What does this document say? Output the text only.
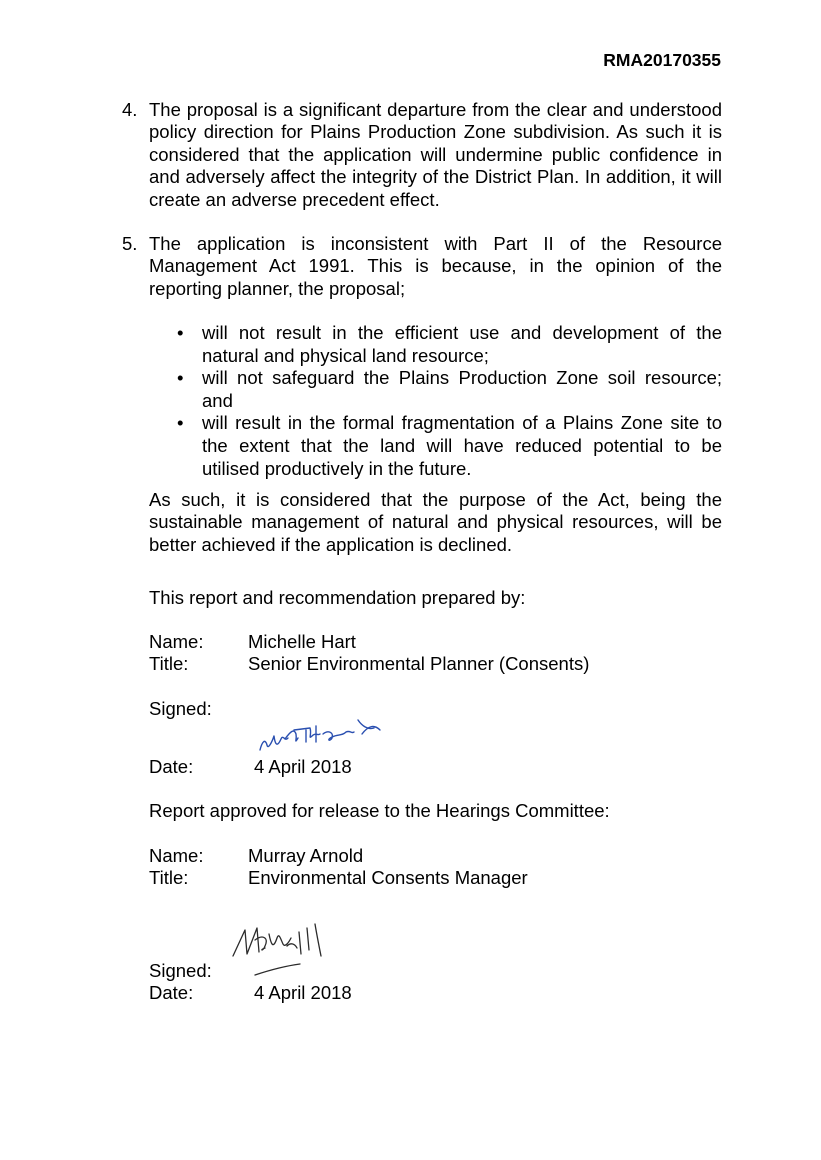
RMA20170355
4. The proposal is a significant departure from the clear and understood policy direction for Plains Production Zone subdivision. As such it is considered that the application will undermine public confidence in and adversely affect the integrity of the District Plan. In addition, it will create an adverse precedent effect.
5. The application is inconsistent with Part II of the Resource Management Act 1991. This is because, in the opinion of the reporting planner, the proposal;
• will not result in the efficient use and development of the natural and physical land resource;
• will not safeguard the Plains Production Zone soil resource; and
• will result in the formal fragmentation of a Plains Zone site to the extent that the land will have reduced potential to be utilised productively in the future.
As such, it is considered that the purpose of the Act, being the sustainable management of natural and physical resources, will be better achieved if the application is declined.
This report and recommendation prepared by:
Name: Michelle Hart
Title:	Senior Environmental Planner (Consents)
Signed:
Date:	4 April 2018
Report approved for release to the Hearings Committee:
Name: Murray Arnold
Title:	Environmental Consents Manager
Signed:
Date:	4 April 2018
